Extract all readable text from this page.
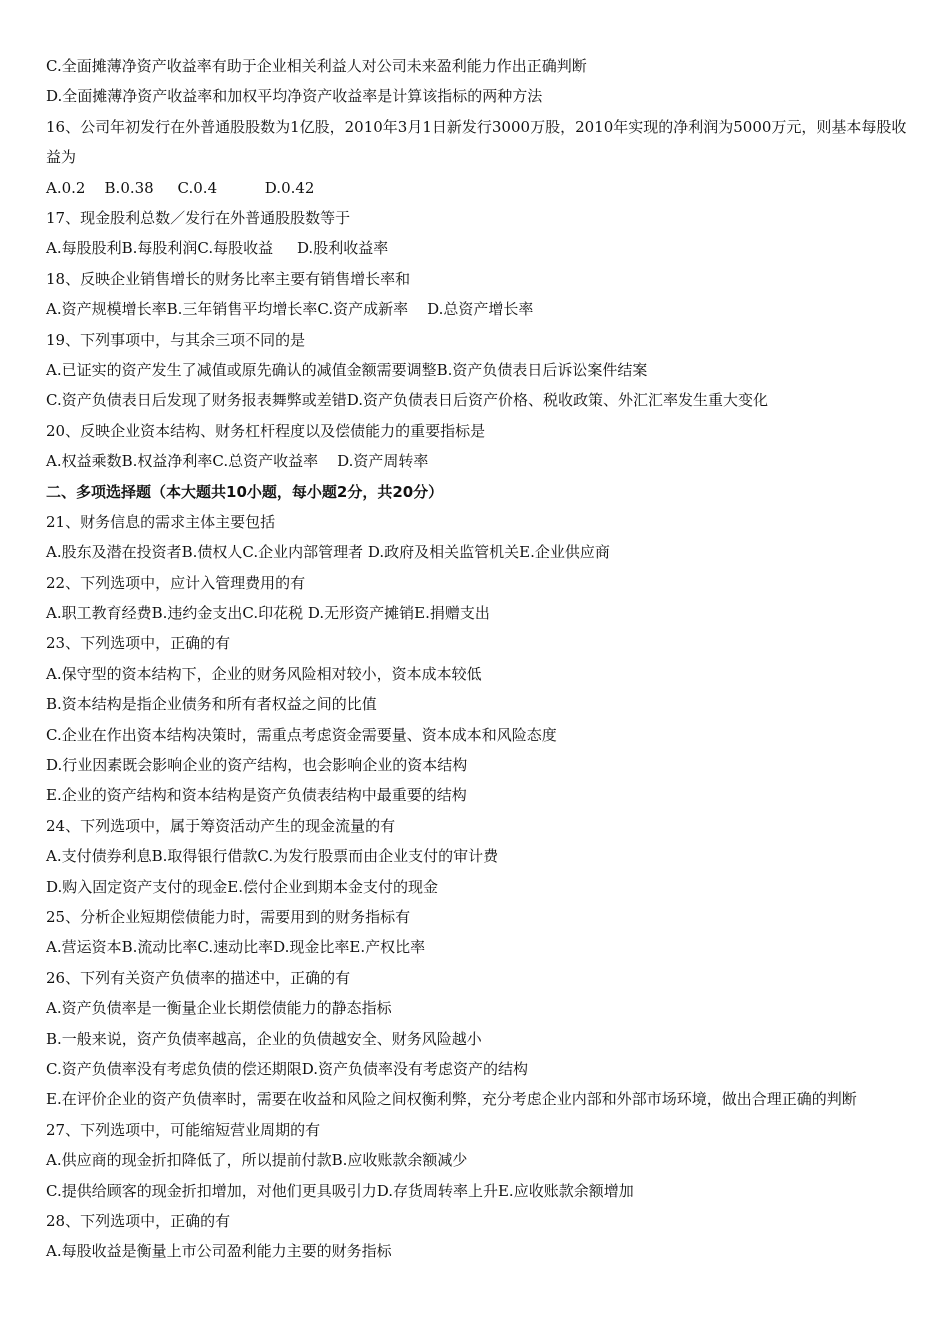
C.全面摊薄净资产收益率有助于企业相关利益人对公司未来盈利能力作出正确判断
D.全面摊薄净资产收益率和加权平均净资产收益率是计算该指标的两种方法
16、公司年初发行在外普通股股数为1亿股，2010年3月1日新发行3000万股，2010年实现的净利润为5000万元，则基本每股收益为
A.0.2    B.0.38     C.0.4          D.0.42
17、现金股利总数／发行在外普通股股数等于
A.每股股利B.每股利润C.每股收益     D.股利收益率
18、反映企业销售增长的财务比率主要有销售增长率和
A.资产规模增长率B.三年销售平均增长率C.资产成新率    D.总资产增长率
19、下列事项中，与其余三项不同的是
A.已证实的资产发生了减值或原先确认的减值金额需要调整B.资产负债表日后诉讼案件结案
C.资产负债表日后发现了财务报表舞弊或差错D.资产负债表日后资产价格、税收政策、外汇汇率发生重大变化
20、反映企业资本结构、财务杠杆程度以及偿债能力的重要指标是
A.权益乘数B.权益净利率C.总资产收益率    D.资产周转率
二、多项选择题（本大题共10小题，每小题2分，共20分）
21、财务信息的需求主体主要包括
A.股东及潜在投资者B.债权人C.企业内部管理者 D.政府及相关监管机关E.企业供应商
22、下列选项中，应计入管理费用的有
A.职工教育经费B.违约金支出C.印花税 D.无形资产摊销E.捐赠支出
23、下列选项中，正确的有
A.保守型的资本结构下，企业的财务风险相对较小，资本成本较低
B.资本结构是指企业债务和所有者权益之间的比值
C.企业在作出资本结构决策时，需重点考虑资金需要量、资本成本和风险态度
D.行业因素既会影响企业的资产结构，也会影响企业的资本结构
E.企业的资产结构和资本结构是资产负债表结构中最重要的结构
24、下列选项中，属于筹资活动产生的现金流量的有
A.支付债券利息B.取得银行借款C.为发行股票而由企业支付的审计费
D.购入固定资产支付的现金E.偿付企业到期本金支付的现金
25、分析企业短期偿债能力时，需要用到的财务指标有
A.营运资本B.流动比率C.速动比率D.现金比率E.产权比率
26、下列有关资产负债率的描述中，正确的有
A.资产负债率是一衡量企业长期偿债能力的静态指标
B.一般来说，资产负债率越高，企业的负债越安全、财务风险越小
C.资产负债率没有考虑负债的偿还期限D.资产负债率没有考虑资产的结构
E.在评价企业的资产负债率时，需要在收益和风险之间权衡利弊，充分考虑企业内部和外部市场环境，做出合理正确的判断
27、下列选项中，可能缩短营业周期的有
A.供应商的现金折扣降低了，所以提前付款B.应收账款余额减少
C.提供给顾客的现金折扣增加，对他们更具吸引力D.存货周转率上升E.应收账款余额增加
28、下列选项中，正确的有
A.每股收益是衡量上市公司盈利能力主要的财务指标
